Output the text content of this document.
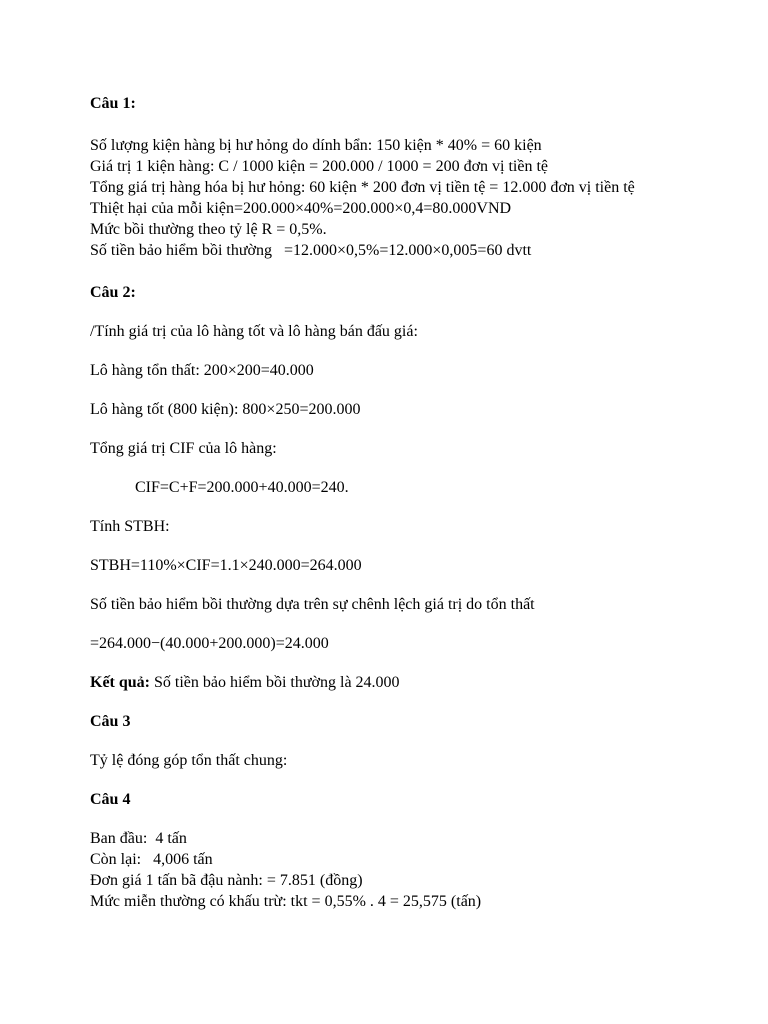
Câu 1:

Số lượng kiện hàng bị hư hỏng do dính bẩn: 150 kiện * 40% = 60 kiện

Giá trị 1 kiện hàng: C / 1000 kiện = 200.000 / 1000 = 200 đơn vị tiền tệ

Tổng giá trị hàng hóa bị hư hỏng: 60 kiện * 200 đơn vị tiền tệ = 12.000 đơn vị tiền tệ

Thiệt hại của mỗi kiện=200.000×40%=200.000×0,4=80.000VND

Mức bồi thường theo tỷ lệ R = 0,5%.

Số tiền bảo hiểm bồi thường   =12.000×0,5%=12.000×0,005=60 dvtt

Câu 2:

/Tính giá trị của lô hàng tốt và lô hàng bán đấu giá:

Lô hàng tổn thất: 200×200=40.000

Lô hàng tốt (800 kiện): 800×250=200.000

Tổng giá trị CIF của lô hàng:

CIF=C+F=200.000+40.000=240.

Tính STBH:

STBH=110%×CIF=1.1×240.000=264.000

Số tiền bảo hiểm bồi thường dựa trên sự chênh lệch giá trị do tổn thất

=264.000−(40.000+200.000)=24.000

Kết quả: Số tiền bảo hiểm bồi thường là 24.000

Câu 3

Tỷ lệ đóng góp tổn thất chung:

Câu 4

Ban đầu:  4 tấn

Còn lại:   4,006 tấn

Đơn giá 1 tấn bã đậu nành: = 7.851 (đồng)

Mức miễn thường có khấu trừ: tkt = 0,55% . 4 = 25,575 (tấn)
